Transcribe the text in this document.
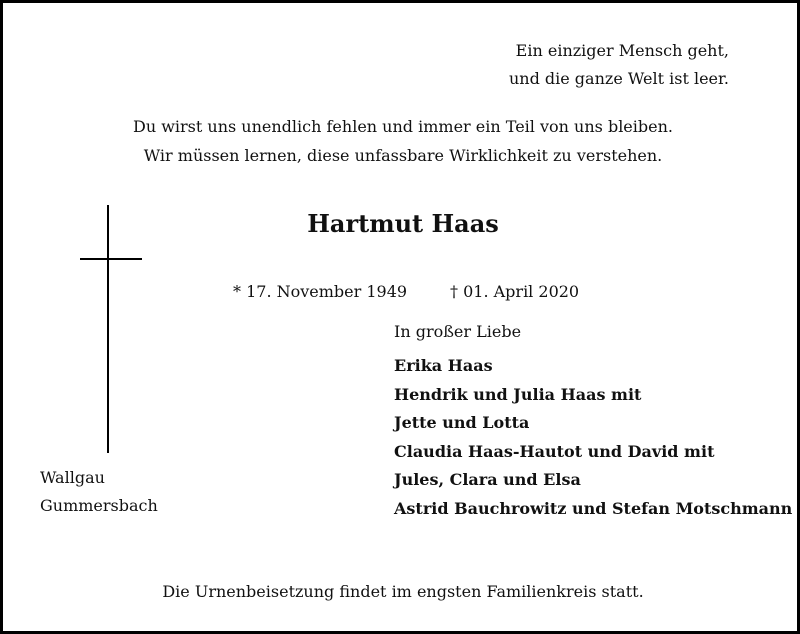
Ein einziger Mensch geht,
und die ganze Welt ist leer.
Du wirst uns unendlich fehlen und immer ein Teil von uns bleiben.
Wir müssen lernen, diese unfassbare Wirklichkeit zu verstehen.
Hartmut Haas
* 17. November 1949	† 01. April 2020
In großer Liebe
Erika Haas
Hendrik und Julia Haas mit
Jette und Lotta
Claudia Haas-Hautot und David mit
Jules, Clara und Elsa
Astrid Bauchrowitz und Stefan Motschmann
Wallgau
Gummersbach
Die Urnenbeisetzung findet im engsten Familienkreis statt.
